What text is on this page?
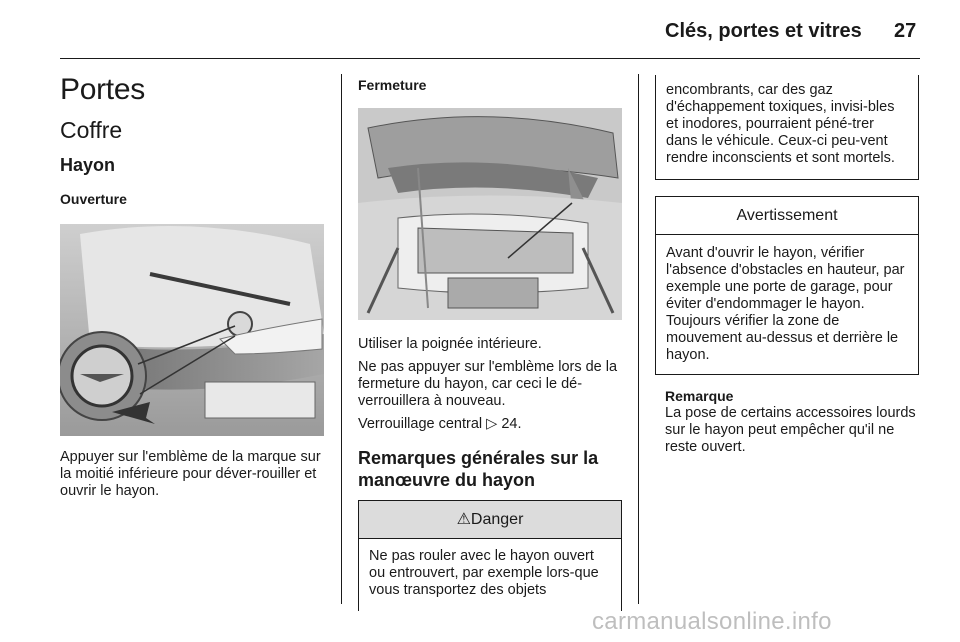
Clés, portes et vitres 27
Portes
Coffre
Hayon
Ouverture
Appuyer sur l'emblème de la marque sur la moitié inférieure pour déver-rouiller et ouvrir le hayon.
Fermeture
Utiliser la poignée intérieure.
Ne pas appuyer sur l'emblème lors de la fermeture du hayon, car ceci le dé-verrouillera à nouveau.
Verrouillage central ▷ 24.
Remarques générales sur la manœuvre du hayon
⚠Danger
Ne pas rouler avec le hayon ouvert ou entrouvert, par exemple lors-que vous transportez des objets
encombrants, car des gaz d'échappement toxiques, invisi-bles et inodores, pourraient péné-trer dans le véhicule. Ceux-ci peu-vent rendre inconscients et sont mortels.
Avertissement
Avant d'ouvrir le hayon, vérifier l'absence d'obstacles en hauteur, par exemple une porte de garage, pour éviter d'endommager le hayon. Toujours vérifier la zone de mouvement au-dessus et derrière le hayon.
Remarque
La pose de certains accessoires lourds sur le hayon peut empêcher qu'il ne reste ouvert.
carmanualsonline.info
